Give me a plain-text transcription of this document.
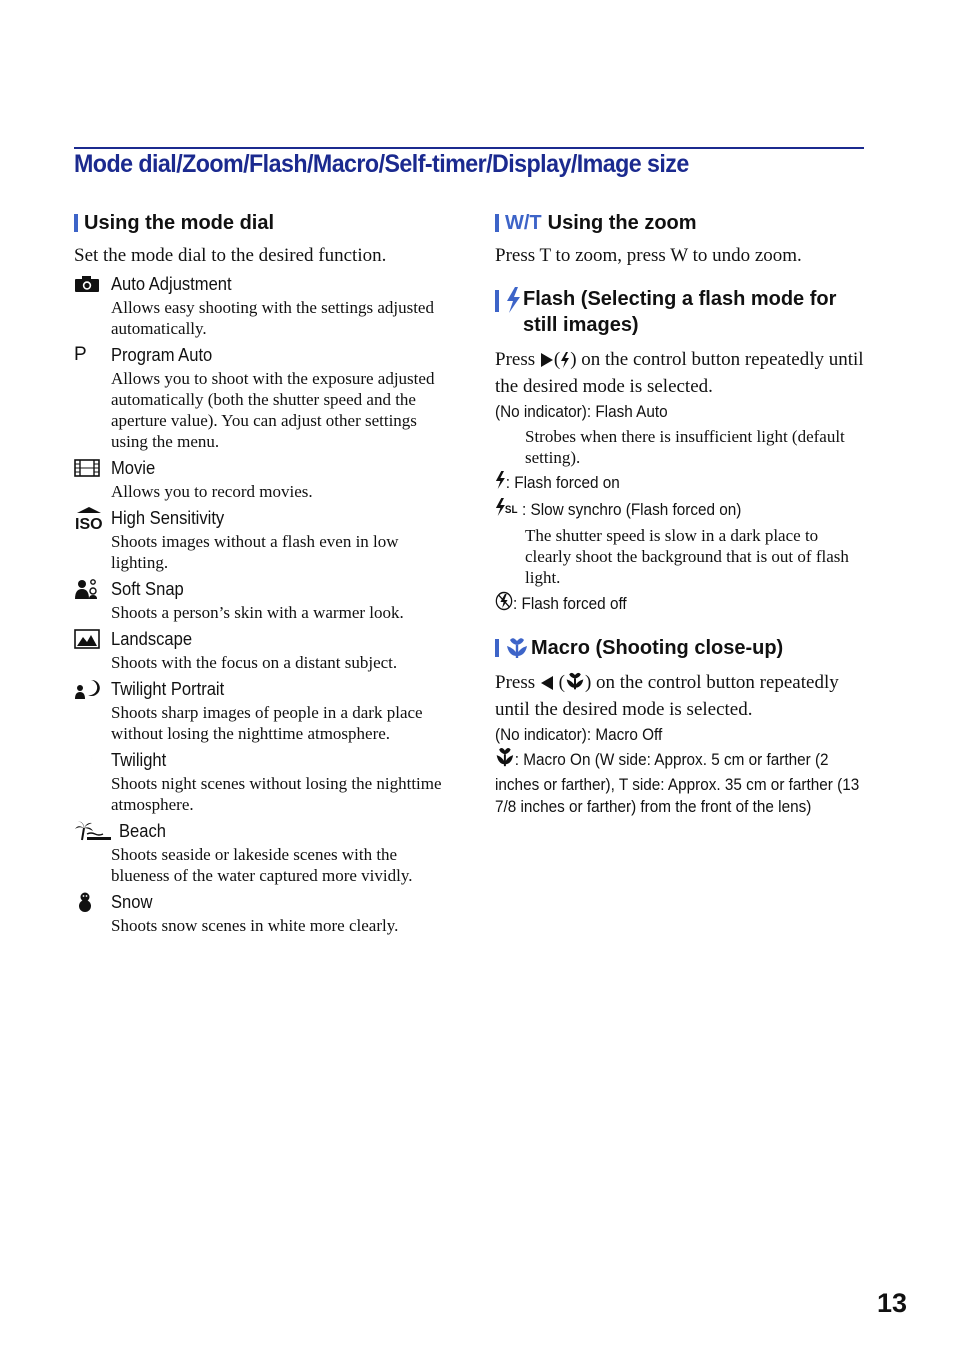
Mode dial/Zoom/Flash/Macro/Self-timer/Display/Image size
Using the mode dial
Set the mode dial to the desired function.
Auto Adjustment
Allows easy shooting with the settings adjusted automatically.
P Program Auto
Allows you to shoot with the exposure adjusted automatically (both the shutter speed and the aperture value). You can adjust other settings using the menu.
Movie
Allows you to record movies.
ISO High Sensitivity
Shoots images without a flash even in low lighting.
Soft Snap
Shoots a person’s skin with a warmer look.
Landscape
Shoots with the focus on a distant subject.
Twilight Portrait
Shoots sharp images of people in a dark place without losing the nighttime atmosphere.
Twilight
Shoots night scenes without losing the nighttime atmosphere.
Beach
Shoots seaside or lakeside scenes with the blueness of the water captured more vividly.
Snow
Shoots snow scenes in white more clearly.
W/T Using the zoom
Press T to zoom, press W to undo zoom.
Flash (Selecting a flash mode for still images)
Press ( ) on the control button repeatedly until the desired mode is selected.
(No indicator): Flash Auto
Strobes when there is insufficient light (default setting).
: Flash forced on
SL : Slow synchro (Flash forced on)
The shutter speed is slow in a dark place to clearly shoot the background that is out of flash light.
: Flash forced off
Macro (Shooting close-up)
Press ( ) on the control button repeatedly until the desired mode is selected.
(No indicator): Macro Off
: Macro On (W side: Approx. 5 cm or farther (2 inches or farther), T side: Approx. 35 cm or farther (13 7/8 inches or farther) from the front of the lens)
13
